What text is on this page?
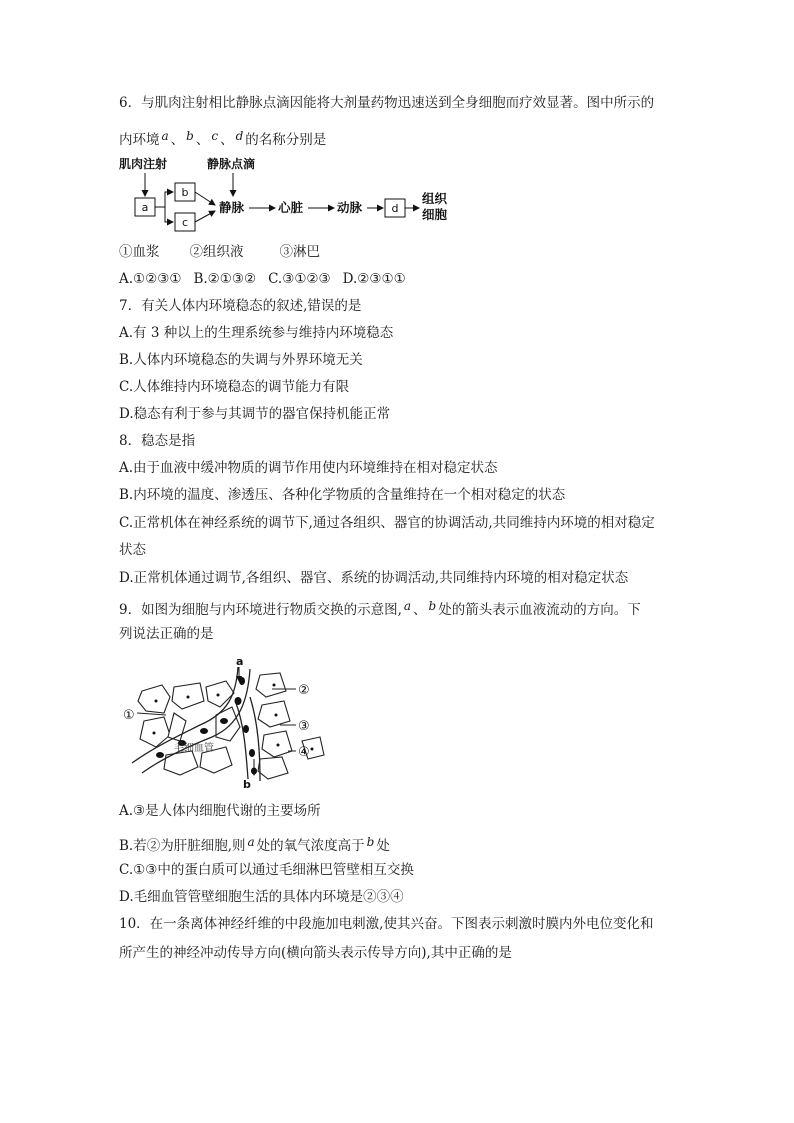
6．与肌肉注射相比静脉点滴因能将大剂量药物迅速送到全身细胞而疗效显著。图中所示的
内环境 a 、 b 、 c 、 d 的名称分别是
肌肉注射	静脉点滴
a
b
c
静脉	心脏	动脉	d
组织
细胞
①血浆 ②组织液	③淋巴
A.①②③① B.②①③② C.③①②③ D.②③①①
7．有关人体内环境稳态的叙述,错误的是
A.有 3 种以上的生理系统参与维持内环境稳态
B.人体内环境稳态的失调与外界环境无关
C.人体维持内环境稳态的调节能力有限
D.稳态有利于参与其调节的器官保持机能正常
8．稳态是指
A.由于血液中缓冲物质的调节作用使内环境维持在相对稳定状态
B.内环境的温度、渗透压、各种化学物质的含量维持在一个相对稳定的状态
C.正常机体在神经系统的调节下,通过各组织、器官的协调活动,共同维持内环境的相对稳定
状态
D.正常机体通过调节,各组织、器官、系统的协调活动,共同维持内环境的相对稳定状态
9．如图为细胞与内环境进行物质交换的示意图, a 、 b 处的箭头表示血液流动的方向。下
列说法正确的是
a
b
①
②
③
④
毛细血管
A.③是人体内细胞代谢的主要场所
B.若②为肝脏细胞,则 a 处的氧气浓度高于 b 处
C.①③中的蛋白质可以通过毛细淋巴管壁相互交换
D.毛细血管管壁细胞生活的具体内环境是②③④
10．在一条离体神经纤维的中段施加电刺激,使其兴奋。下图表示刺激时膜内外电位变化和
所产生的神经冲动传导方向(横向箭头表示传导方向),其中正确的是
